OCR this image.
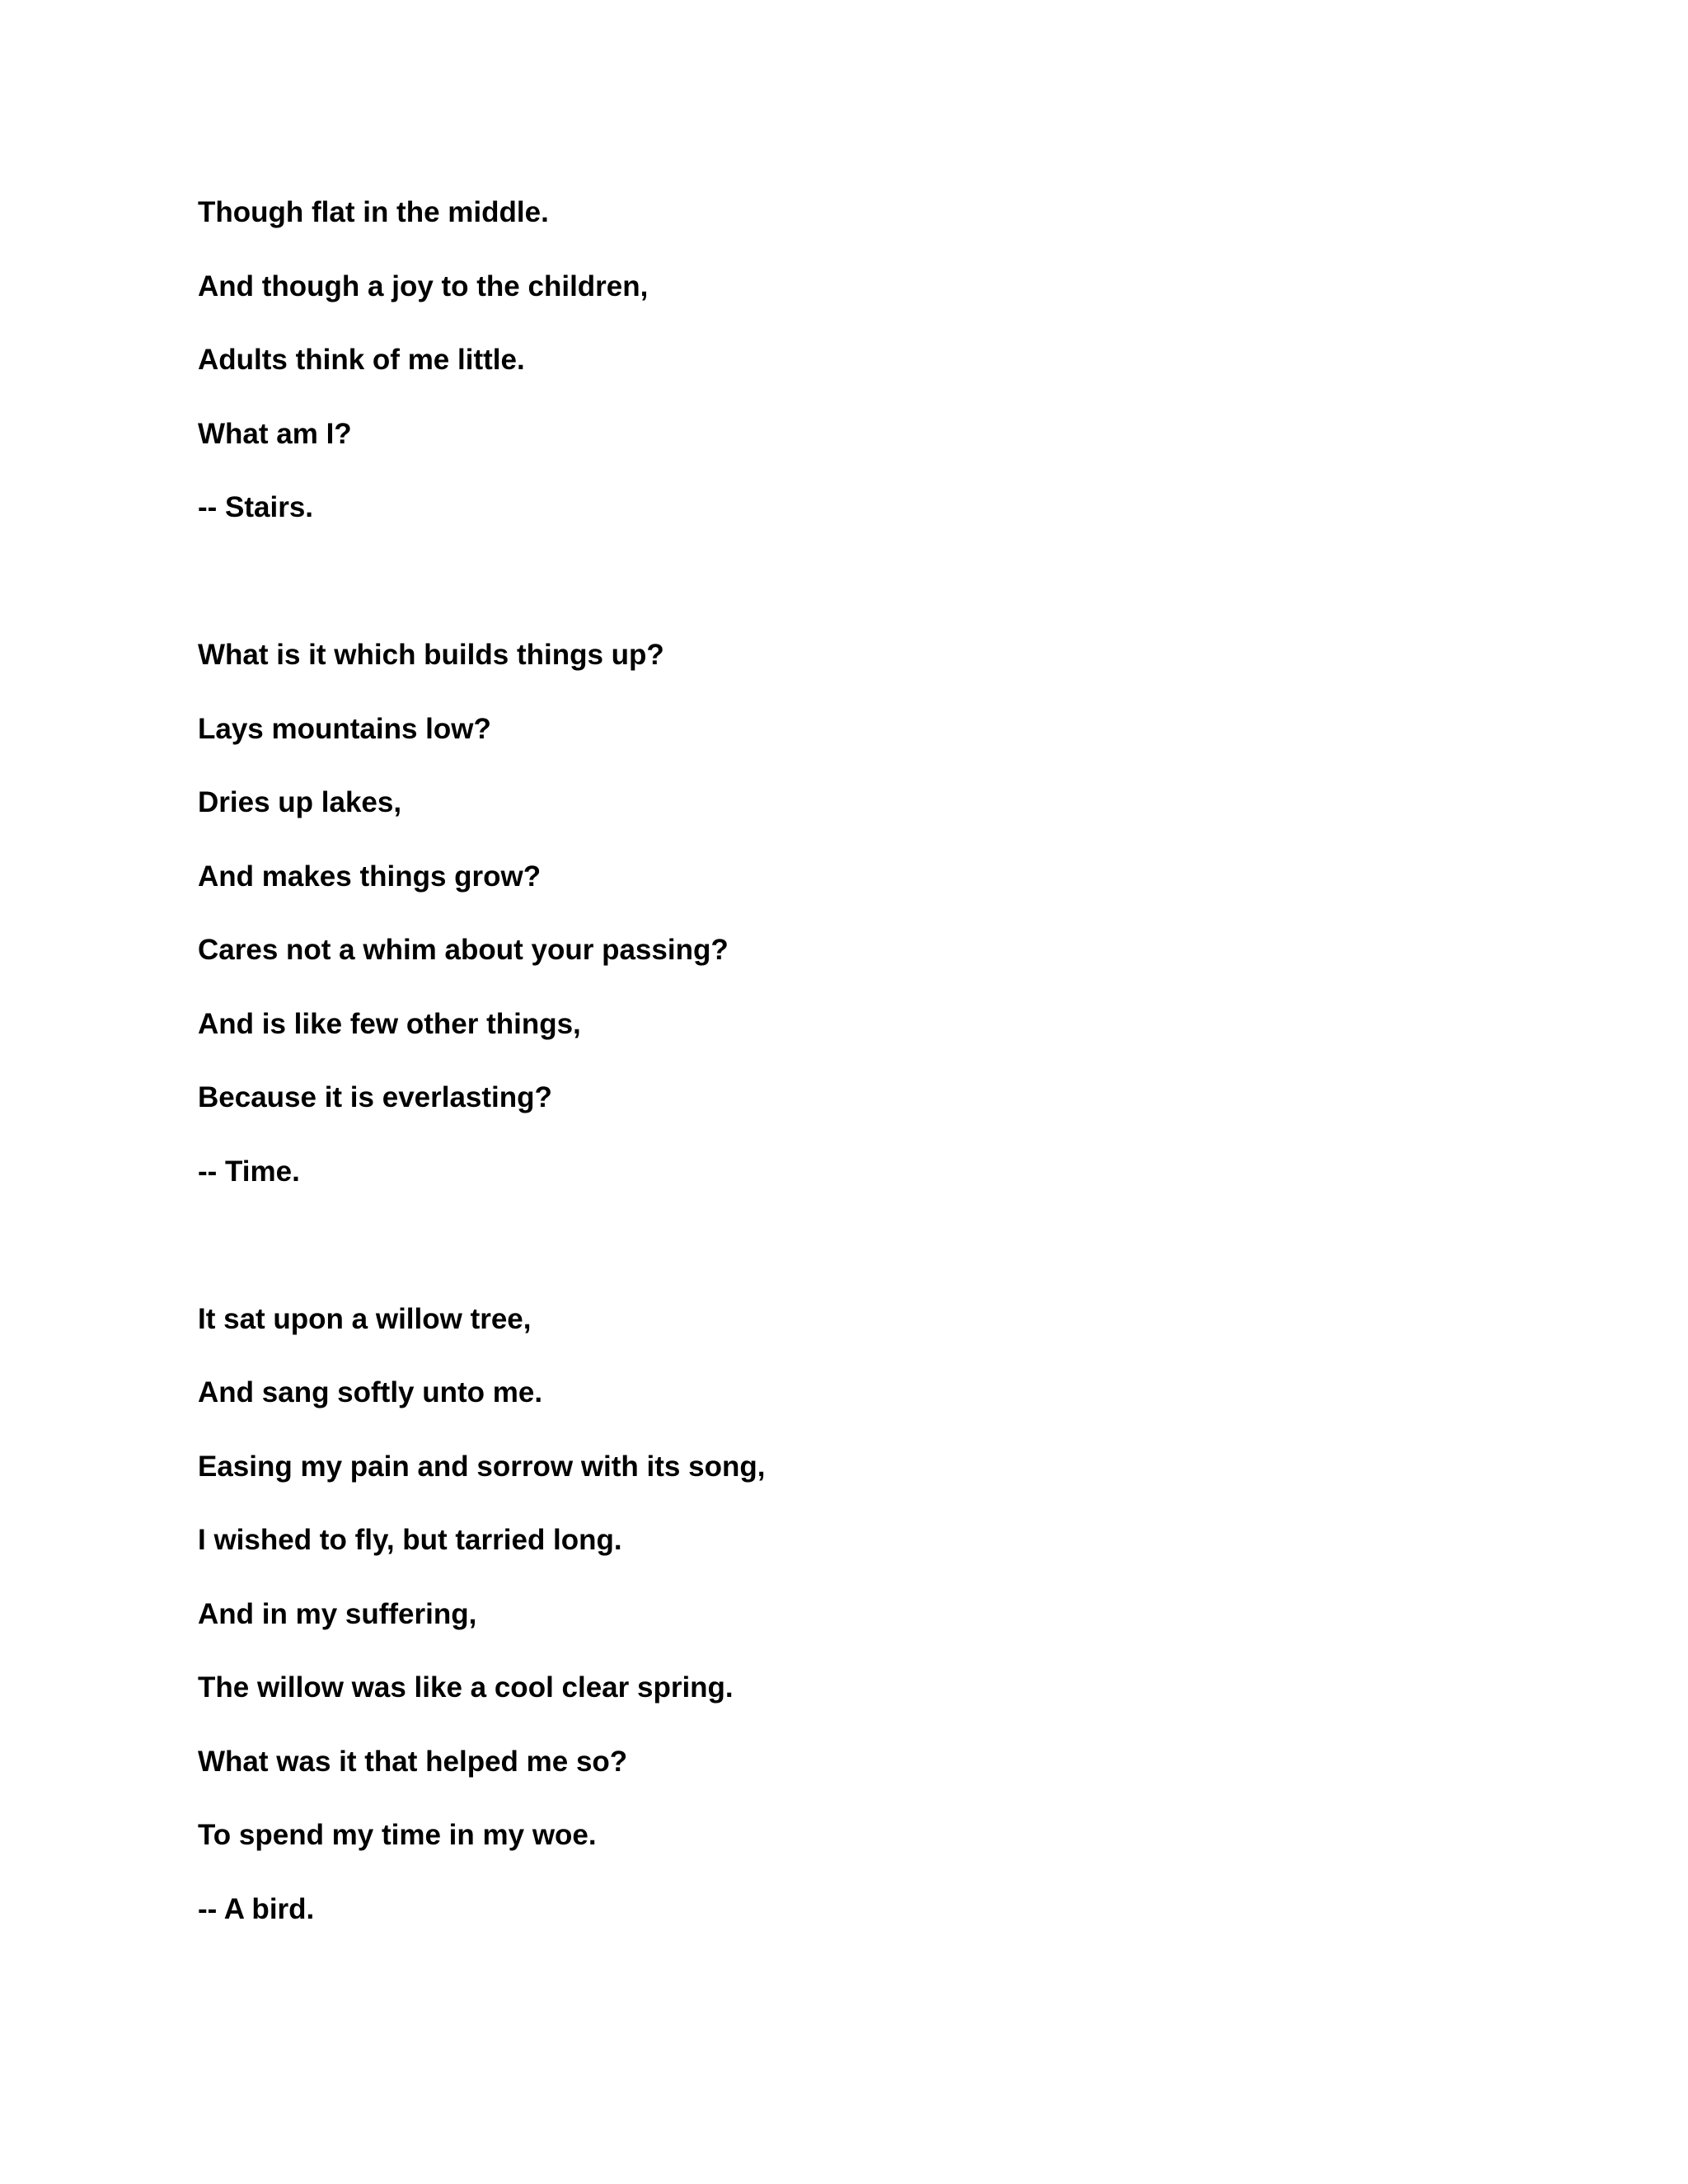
Though flat in the middle.
And though a joy to the children,
Adults think of me little.
What am I?
-- Stairs.
What is it which builds things up?
Lays mountains low?
Dries up lakes,
And makes things grow?
Cares not a whim about your passing?
And is like few other things,
Because it is everlasting?
-- Time.
It sat upon a willow tree,
And sang softly unto me.
Easing my pain and sorrow with its song,
I wished to fly, but tarried long.
And in my suffering,
The willow was like a cool clear spring.
What was it that helped me so?
To spend my time in my woe.
-- A bird.
